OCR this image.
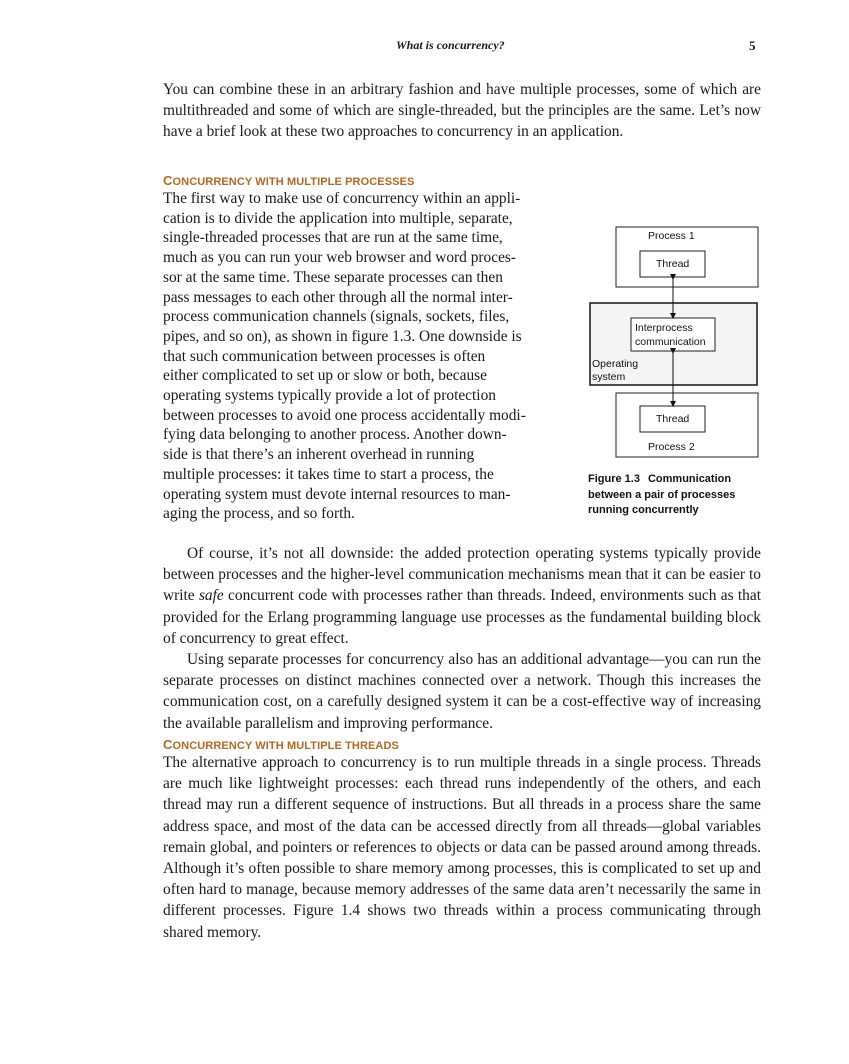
What is concurrency?	5

You can combine these in an arbitrary fashion and have multiple processes, some of which are multithreaded and some of which are single-threaded, but the principles are the same. Let’s now have a brief look at these two approaches to concurrency in an application.

CONCURRENCY WITH MULTIPLE PROCESSES
The first way to make use of concurrency within an appli-
cation is to divide the application into multiple, separate,
single-threaded processes that are run at the same time,
much as you can run your web browser and word proces-
sor at the same time. These separate processes can then
pass messages to each other through all the normal inter-
process communication channels (signals, sockets, files,
pipes, and so on), as shown in figure 1.3. One downside is
that such communication between processes is often
either complicated to set up or slow or both, because
operating systems typically provide a lot of protection
between processes to avoid one process accidentally modi-
fying data belonging to another process. Another down-
side is that there’s an inherent overhead in running
multiple processes: it takes time to start a process, the
operating system must devote internal resources to man-
aging the process, and so forth.
Process 1
Thread
Interprocess
communication
Operating
system
Thread
Process 2

Figure 1.3 Communication between a pair of processes running concurrently

Of course, it’s not all downside: the added protection operating systems typically provide between processes and the higher-level communication mechanisms mean that it can be easier to write safe concurrent code with processes rather than threads. Indeed, environments such as that provided for the Erlang programming language use processes as the fundamental building block of concurrency to great effect.

Using separate processes for concurrency also has an additional advantage—you can run the separate processes on distinct machines connected over a network. Though this increases the communication cost, on a carefully designed system it can be a cost-effective way of increasing the available parallelism and improving performance.

CONCURRENCY WITH MULTIPLE THREADS

The alternative approach to concurrency is to run multiple threads in a single process. Threads are much like lightweight processes: each thread runs independently of the others, and each thread may run a different sequence of instructions. But all threads in a process share the same address space, and most of the data can be accessed directly from all threads—global variables remain global, and pointers or references to objects or data can be passed around among threads. Although it’s often possible to share memory among processes, this is complicated to set up and often hard to manage, because memory addresses of the same data aren’t necessarily the same in different processes. Figure 1.4 shows two threads within a process communicating through shared memory.
